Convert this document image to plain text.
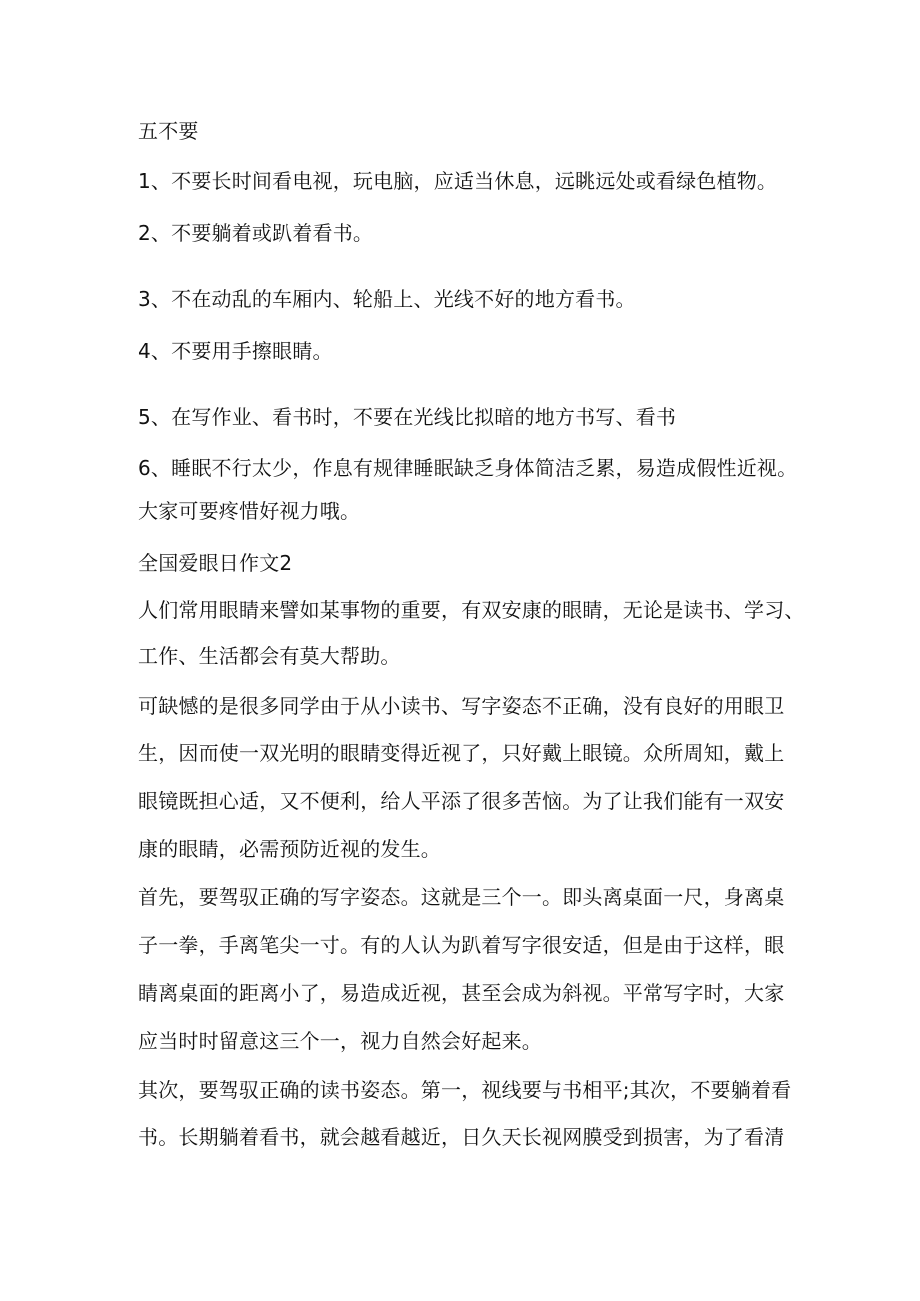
五不要
1、不要长时间看电视，玩电脑，应适当休息，远眺远处或看绿色植物。
2、不要躺着或趴着看书。
3、不在动乱的车厢内、轮船上、光线不好的地方看书。
4、不要用手擦眼睛。
5、在写作业、看书时，不要在光线比拟暗的地方书写、看书
6、睡眠不行太少，作息有规律睡眠缺乏身体简洁乏累，易造成假性近视。
大家可要疼惜好视力哦。
全国爱眼日作文2
人们常用眼睛来譬如某事物的重要，有双安康的眼睛，无论是读书、学习、
工作、生活都会有莫大帮助。
可缺憾的是很多同学由于从小读书、写字姿态不正确，没有良好的用眼卫
生，因而使一双光明的眼睛变得近视了，只好戴上眼镜。众所周知，戴上
眼镜既担心适，又不便利，给人平添了很多苦恼。为了让我们能有一双安
康的眼睛，必需预防近视的发生。
首先，要驾驭正确的写字姿态。这就是三个一。即头离桌面一尺，身离桌
子一拳，手离笔尖一寸。有的人认为趴着写字很安适，但是由于这样，眼
睛离桌面的距离小了，易造成近视，甚至会成为斜视。平常写字时，大家
应当时时留意这三个一，视力自然会好起来。
其次，要驾驭正确的读书姿态。第一，视线要与书相平;其次，不要躺着看
书。长期躺着看书，就会越看越近，日久天长视网膜受到损害，为了看清
